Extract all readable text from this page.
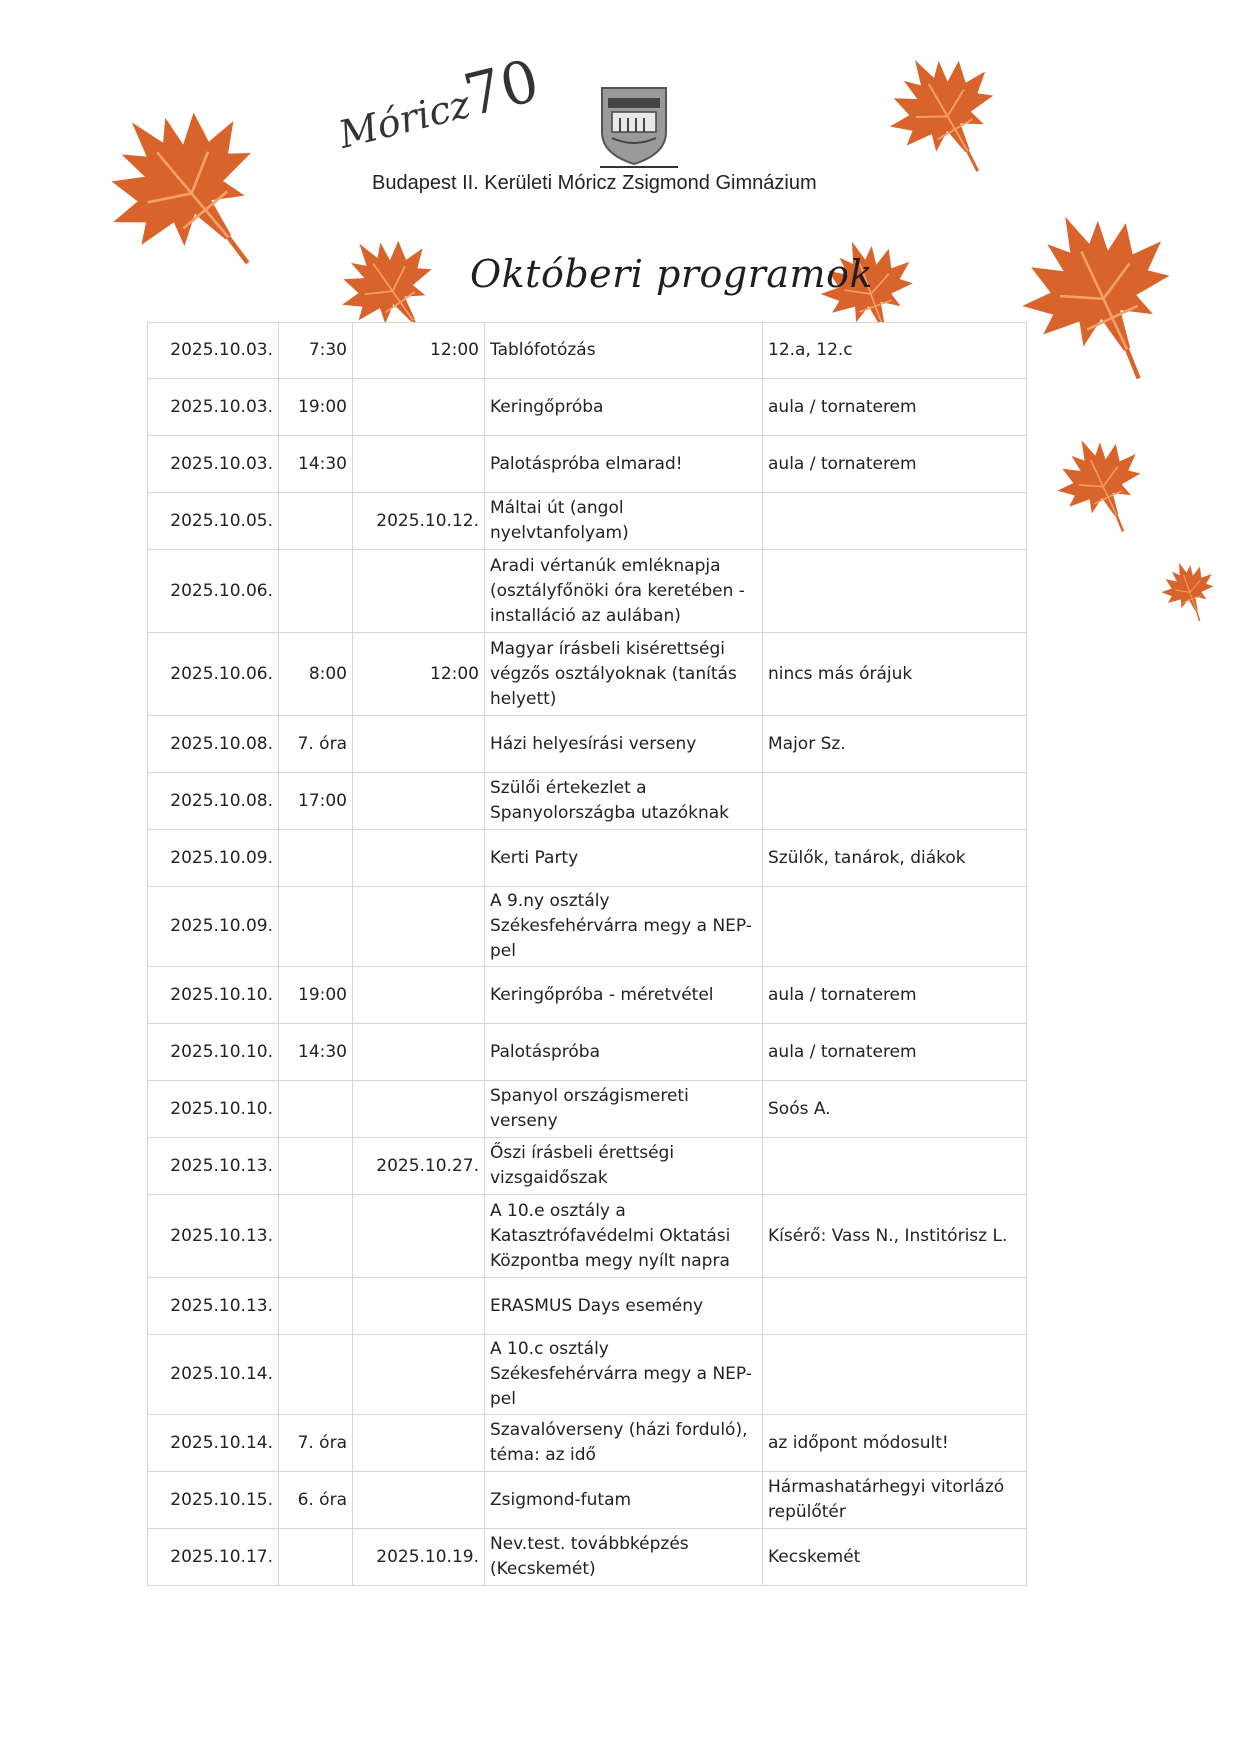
Móricz70
Budapest II. Kerületi Móricz Zsigmond Gimnázium
Októberi programok
2025.10.03.	7:30	12:00	Tablófotózás	12.a, 12.c
2025.10.03.	19:00		Keringőpróba	aula / tornaterem
2025.10.03.	14:30		Palotáspróba elmarad!	aula / tornaterem
2025.10.05.		2025.10.12.	Máltai út (angol nyelvtanfolyam)	
2025.10.06.			Aradi vértanúk emléknapja (osztályfőnöki óra keretében - installáció az aulában)	
2025.10.06.	8:00	12:00	Magyar írásbeli kisérettségi végzős osztályoknak (tanítás helyett)	nincs más órájuk
2025.10.08.	7. óra		Házi helyesírási verseny	Major Sz.
2025.10.08.	17:00		Szülői értekezlet a Spanyolországba utazóknak	
2025.10.09.			Kerti Party	Szülők, tanárok, diákok
2025.10.09.			A 9.ny osztály Székesfehérvárra megy a NEP-pel	
2025.10.10.	19:00		Keringőpróba - méretvétel	aula / tornaterem
2025.10.10.	14:30		Palotáspróba	aula / tornaterem
2025.10.10.			Spanyol országismereti verseny	Soós A.
2025.10.13.		2025.10.27.	Őszi írásbeli érettségi vizsgaidőszak	
2025.10.13.			A 10.e osztály a Katasztrófavédelmi Oktatási Központba megy nyílt napra	Kísérő: Vass N., Institórisz L.
2025.10.13.			ERASMUS Days esemény	
2025.10.14.			A 10.c osztály Székesfehérvárra megy a NEP-pel	
2025.10.14.	7. óra		Szavalóverseny (házi forduló), téma: az idő	az időpont módosult!
2025.10.15.	6. óra		Zsigmond-futam	Hármashatárhegyi vitorlázó repülőtér
2025.10.17.		2025.10.19.	Nev.test. továbbképzés (Kecskemét)	Kecskemét
